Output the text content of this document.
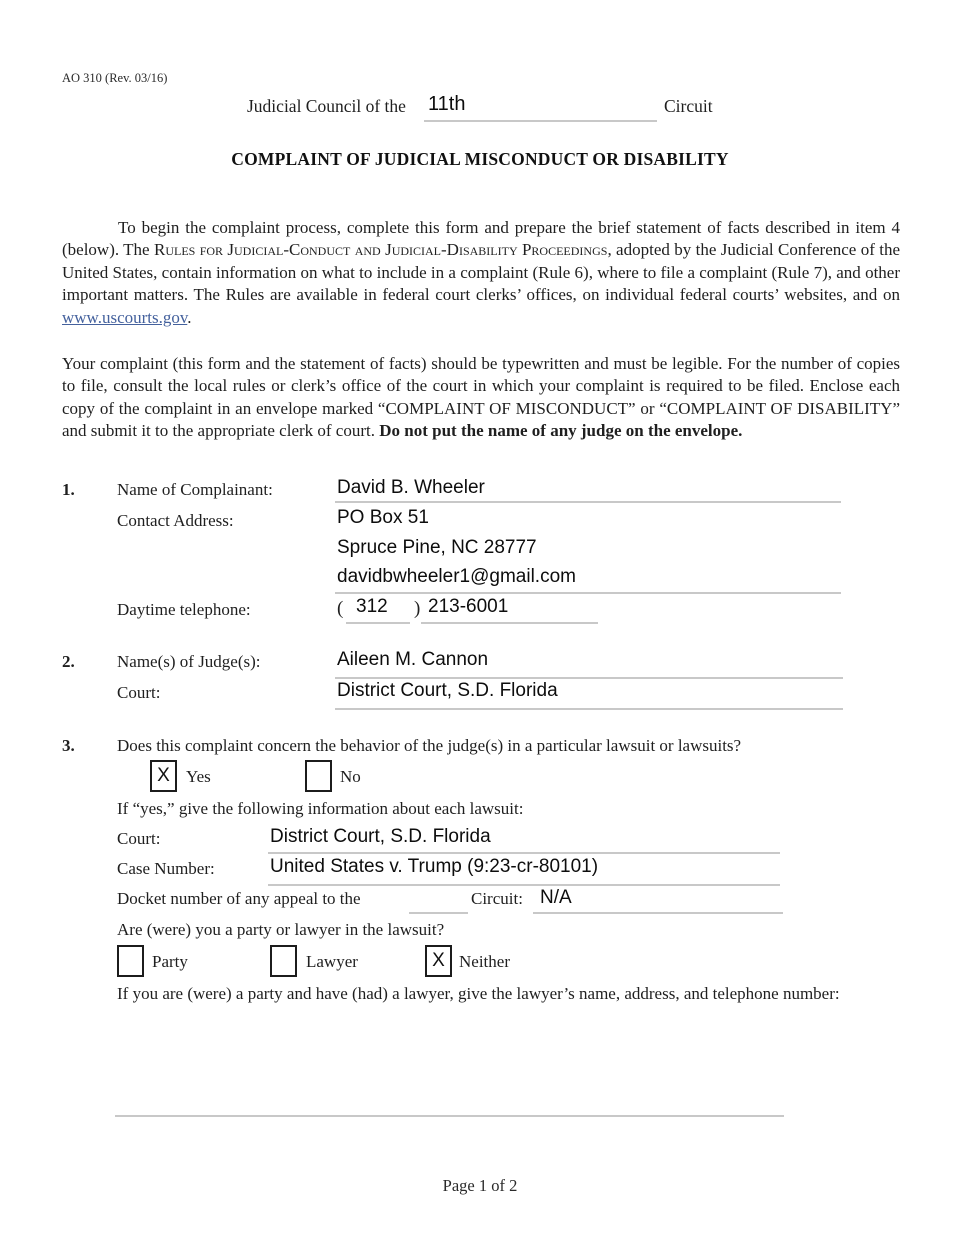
AO 310 (Rev. 03/16)
Judicial Council of the 11th	Circuit
COMPLAINT OF JUDICIAL MISCONDUCT OR DISABILITY

To begin the complaint process, complete this form and prepare the brief statement of facts described in item 4 (below). The Rules for Judicial-Conduct and Judicial-Disability Proceedings, adopted by the Judicial Conference of the United States, contain information on what to include in a complaint (Rule 6), where to file a complaint (Rule 7), and other important matters. The Rules are available in federal court clerks’ offices, on individual federal courts’ websites, and on www.uscourts.gov.

Your complaint (this form and the statement of facts) should be typewritten and must be legible. For the number of copies to file, consult the local rules or clerk’s office of the court in which your complaint is required to be filed. Enclose each copy of the complaint in an envelope marked “COMPLAINT OF MISCONDUCT” or “COMPLAINT OF DISABILITY” and submit it to the appropriate clerk of court. Do not put the name of any judge on the envelope.

1. Name of Complainant:	David B. Wheeler
Contact Address:	PO Box 51
Spruce Pine, NC 28777
davidbwheeler1@gmail.com
Daytime telephone:	( 312 ) 213-6001
2. Name(s) of Judge(s):	Aileen M. Cannon
Court:	District Court, S.D. Florida
3. Does this complaint concern the behavior of the judge(s) in a particular lawsuit or lawsuits?
X Yes	No
If “yes,” give the following information about each lawsuit:
Court:	District Court, S.D. Florida
Case Number:	United States v. Trump (9:23-cr-80101)
Docket number of any appeal to the	Circuit: N/A
Are (were) you a party or lawyer in the lawsuit?
Party	Lawyer	X Neither
If you are (were) a party and have (had) a lawyer, give the lawyer’s name, address, and telephone number:
Page 1 of 2
